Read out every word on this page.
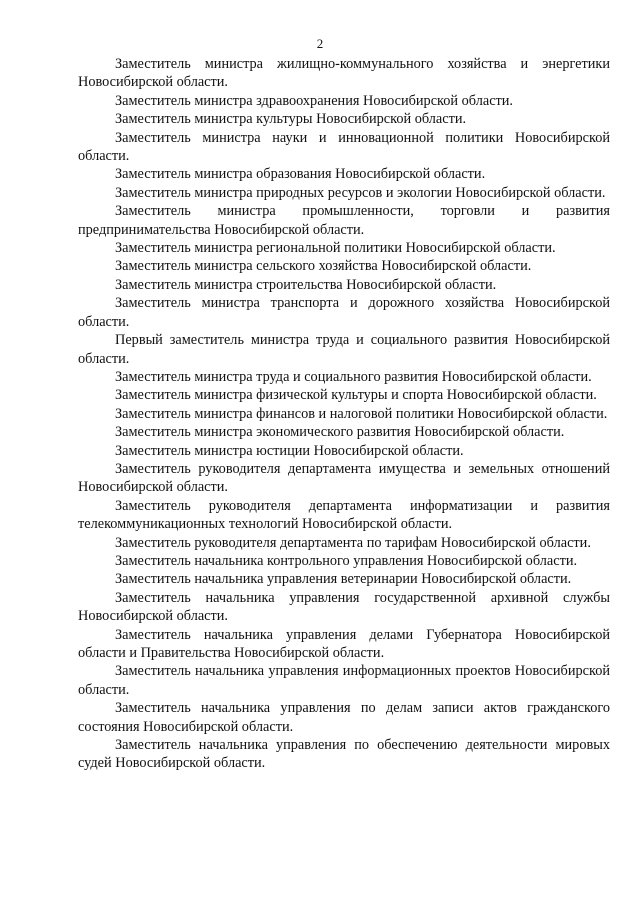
2

Заместитель министра жилищно-коммунального хозяйства и энергетики Новосибирской области.

Заместитель министра здравоохранения Новосибирской области.

Заместитель министра культуры Новосибирской области.

Заместитель министра науки и инновационной политики Новосибирской области.

Заместитель министра образования Новосибирской области.

Заместитель министра природных ресурсов и экологии Новосибирской области.

Заместитель министра промышленности, торговли и развития предпринимательства Новосибирской области.

Заместитель министра региональной политики Новосибирской области.

Заместитель министра сельского хозяйства Новосибирской области.

Заместитель министра строительства Новосибирской области.

Заместитель министра транспорта и дорожного хозяйства Новосибирской области.

Первый заместитель министра труда и социального развития Новосибирской области.

Заместитель министра труда и социального развития Новосибирской области.

Заместитель министра физической культуры и спорта Новосибирской области.

Заместитель министра финансов и налоговой политики Новосибирской области.

Заместитель министра экономического развития Новосибирской области.

Заместитель министра юстиции Новосибирской области.

Заместитель руководителя департамента имущества и земельных отношений Новосибирской области.

Заместитель руководителя департамента информатизации и развития телекоммуникационных технологий Новосибирской области.

Заместитель руководителя департамента по тарифам Новосибирской области.

Заместитель начальника контрольного управления Новосибирской области.

Заместитель начальника управления ветеринарии Новосибирской области.

Заместитель начальника управления государственной архивной службы Новосибирской области.

Заместитель начальника управления делами Губернатора Новосибирской области и Правительства Новосибирской области.

Заместитель начальника управления информационных проектов Новосибирской области.

Заместитель начальника управления по делам записи актов гражданского состояния Новосибирской области.

Заместитель начальника управления по обеспечению деятельности мировых судей Новосибирской области.
